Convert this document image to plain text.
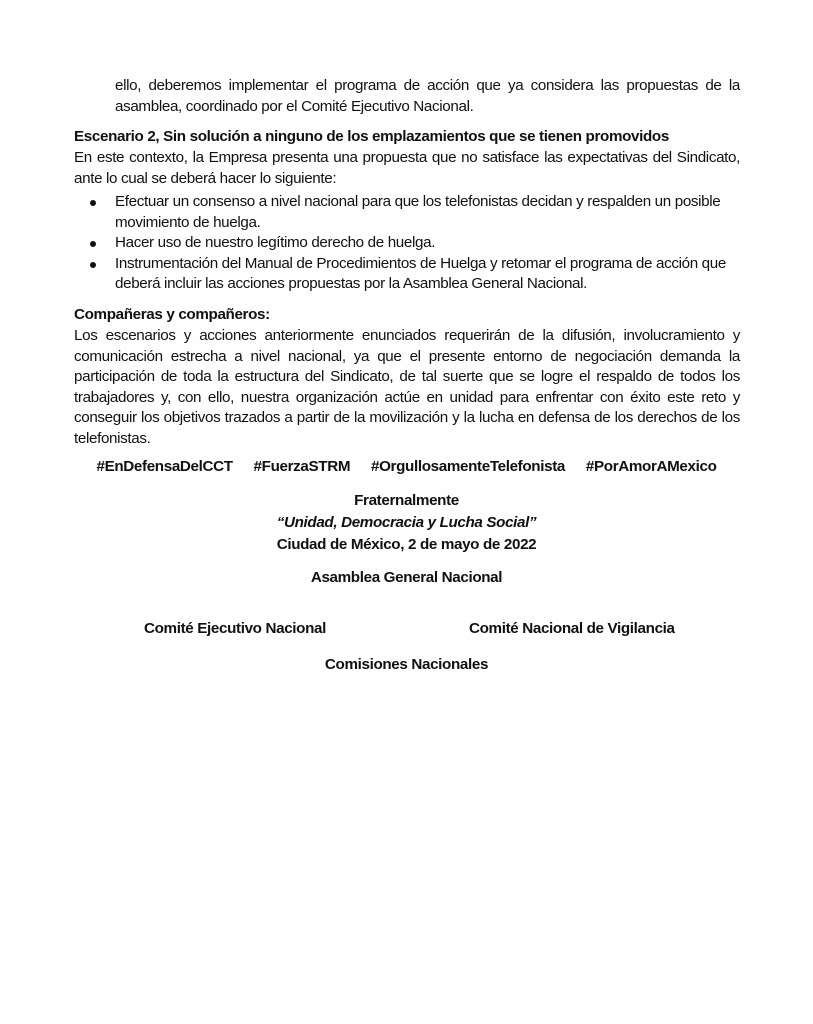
ello, deberemos implementar el programa de acción que ya considera las propuestas de la asamblea, coordinado por el Comité Ejecutivo Nacional.
Escenario 2, Sin solución a ninguno de los emplazamientos que se tienen promovidos
En este contexto, la Empresa presenta una propuesta que no satisface las expectativas del Sindicato, ante lo cual se deberá hacer lo siguiente:
Efectuar un consenso a nivel nacional para que los telefonistas decidan y respalden un posible movimiento de huelga.
Hacer uso de nuestro legítimo derecho de huelga.
Instrumentación del Manual de Procedimientos de Huelga y retomar el programa de acción que deberá incluir las acciones propuestas por la Asamblea General Nacional.
Compañeras y compañeros:
Los escenarios y acciones anteriormente enunciados requerirán de la difusión, involucramiento y comunicación estrecha a nivel nacional, ya que el presente entorno de negociación demanda la participación de toda la estructura del Sindicato, de tal suerte que se logre el respaldo de todos los trabajadores y, con ello, nuestra organización actúe en unidad para enfrentar con éxito este reto y conseguir los objetivos trazados a partir de la movilización y la lucha en defensa de los derechos de los telefonistas.
#EnDefensaDelCCT #FuerzaSTRM #OrgullosamenteTelefonista #PorAmorAMexico
Fraternalmente
“Unidad, Democracia y Lucha Social”
Ciudad de México, 2 de mayo de 2022
Asamblea General Nacional
Comité Ejecutivo Nacional	Comité Nacional de Vigilancia
Comisiones Nacionales
